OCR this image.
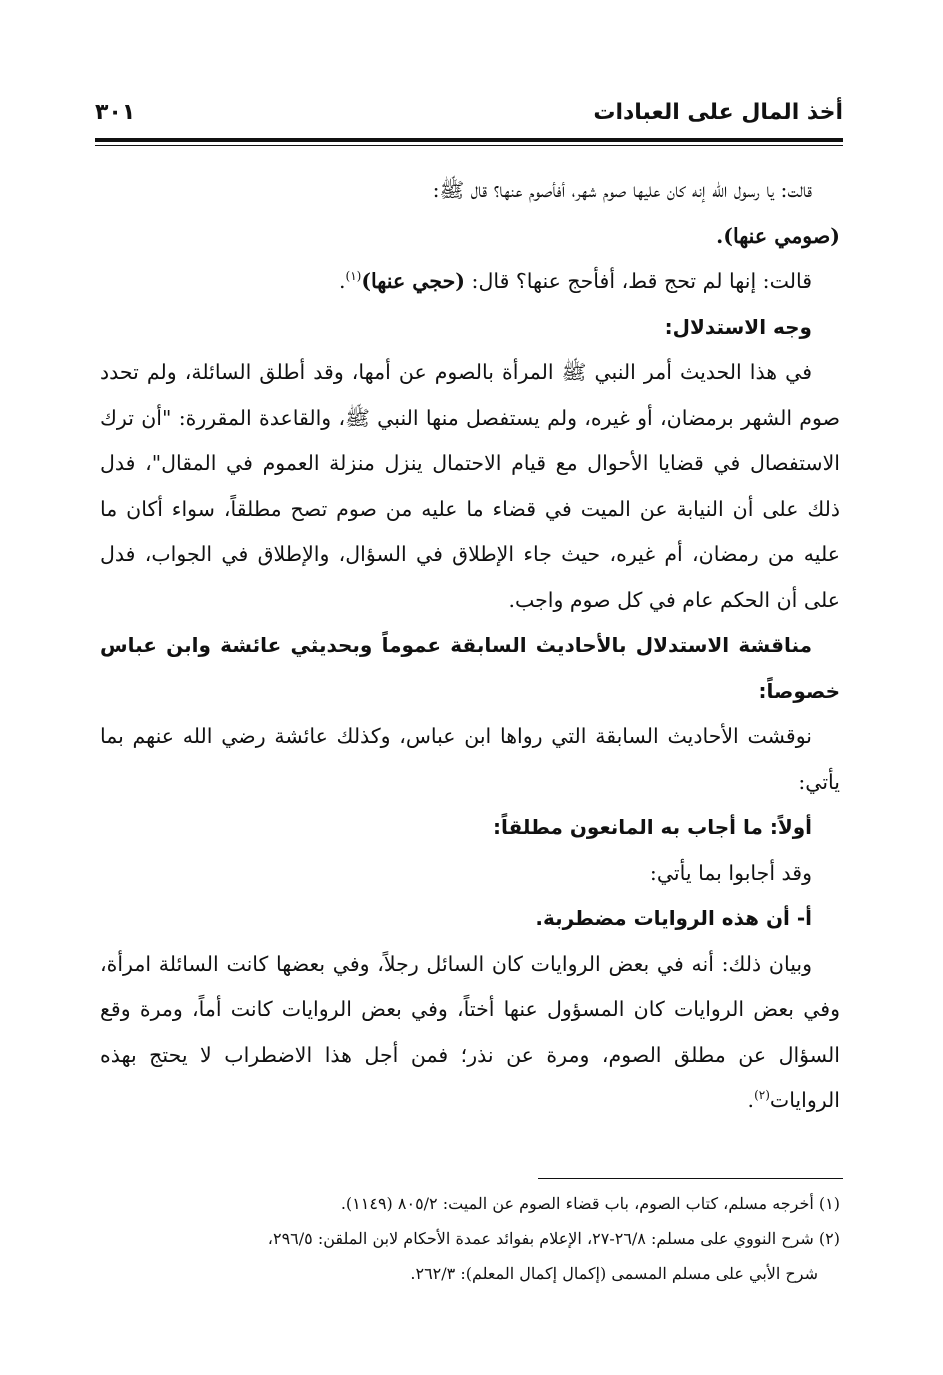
أخذ المال على العبادات
٣٠١

قالت: يا رسول الله إنه كان عليها صوم شهر، أفأصوم عنها؟ قال ﷺ:

(صومي عنها).

قالت: إنها لم تحج قط، أفأحج عنها؟ قال: (حجي عنها)$^{(١)}$.

وجه الاستدلال:

في هذا الحديث أمر النبي ﷺ المرأة بالصوم عن أمها، وقد أطلق السائلة، ولم تحدد صوم الشهر برمضان، أو غيره، ولم يستفصل منها النبي ﷺ، والقاعدة المقررة: "أن ترك الاستفصال في قضايا الأحوال مع قيام الاحتمال ينزل منزلة العموم في المقال"، فدل ذلك على أن النيابة عن الميت في قضاء ما عليه من صوم تصح مطلقاً، سواء أكان ما عليه من رمضان، أم غيره، حيث جاء الإطلاق في السؤال، والإطلاق في الجواب، فدل على أن الحكم عام في كل صوم واجب.

مناقشة الاستدلال بالأحاديث السابقة عموماً وبحديثي عائشة وابن عباس خصوصاً:

نوقشت الأحاديث السابقة التي رواها ابن عباس، وكذلك عائشة رضي الله عنهم بما يأتي:

أولاً: ما أجاب به المانعون مطلقاً:

وقد أجابوا بما يأتي:

أ- أن هذه الروايات مضطربة.

وبيان ذلك: أنه في بعض الروايات كان السائل رجلاً، وفي بعضها كانت السائلة امرأة، وفي بعض الروايات كان المسؤول عنها أختاً، وفي بعض الروايات كانت أماً، ومرة وقع السؤال عن مطلق الصوم، ومرة عن نذر؛ فمن أجل هذا الاضطراب لا يحتج بهذه الروايات$^{(٢)}$.

(١) أخرجه مسلم، كتاب الصوم، باب قضاء الصوم عن الميت: ٨٠٥/٢ (١١٤٩).

(٢) شرح النووي على مسلم: ٢٦/٨-٢٧، الإعلام بفوائد عمدة الأحكام لابن الملقن: ٢٩٦/٥،

شرح الأبي على مسلم المسمى (إكمال إكمال المعلم): ٢٦٢/٣.
